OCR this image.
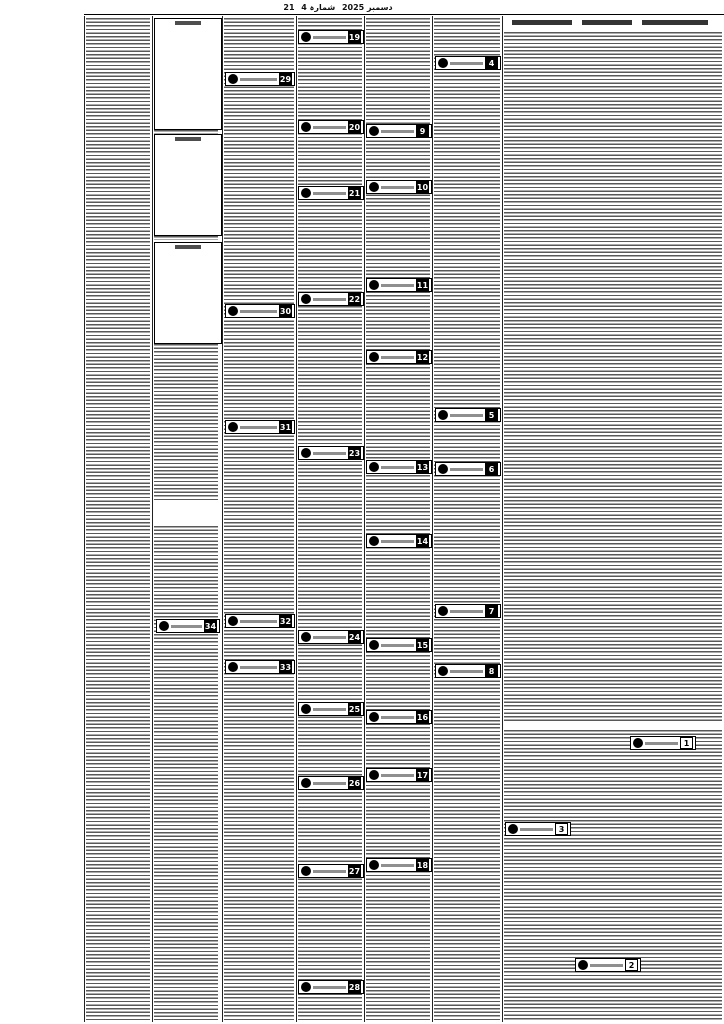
21 دسمبر 2025 شمارہ 4
1
2
3
4
5
6
7
8
9
10
11
12
13
14
15
16
17
18
19
20
21
22
23
24
25
26
27
28
29
30
31
32
33
34
